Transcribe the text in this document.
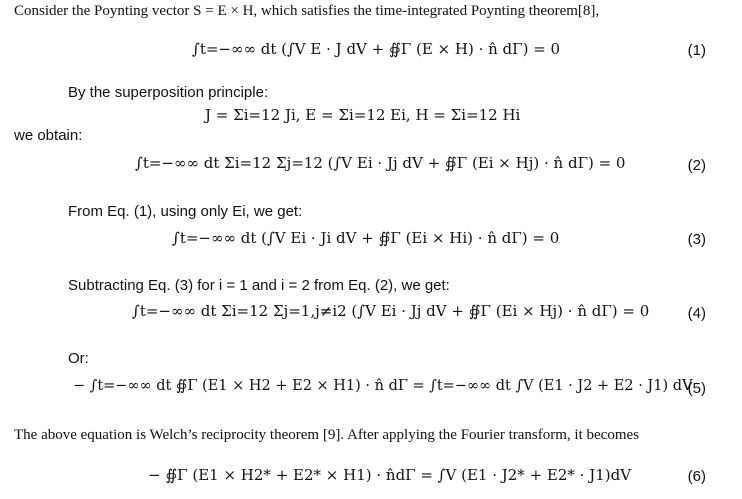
Consider the Poynting vector S = E × H, which satisfies the time-integrated Poynting theorem[8],
∫t=−∞∞ dt (∫V E · J dV + ∯Γ (E × H) · n̂ dΓ) = 0	(1)
By the superposition principle:
J = Σi=12 Ji, E = Σi=12 Ei, H = Σi=12 Hi
we obtain:
∫t=−∞∞ dt Σi=12 Σj=12 (∫V Ei · Jj dV + ∯Γ (Ei × Hj) · n̂ dΓ) = 0	(2)
From Eq. (1), using only Ei, we get:
∫t=−∞∞ dt (∫V Ei · Ji dV + ∯Γ (Ei × Hi) · n̂ dΓ) = 0	(3)
Subtracting Eq. (3) for i = 1 and i = 2 from Eq. (2), we get:
∫t=−∞∞ dt Σi=12 Σj=1,j≠i2 (∫V Ei · Jj dV + ∯Γ (Ei × Hj) · n̂ dΓ) = 0	(4)
Or:
− ∫t=−∞∞ dt ∯Γ (E1 × H2 + E2 × H1) · n̂ dΓ = ∫t=−∞∞ dt ∫V (E1 · J2 + E2 · J1) dV
(5)
The above equation is Welch’s reciprocity theorem [9]. After applying the Fourier transform, it becomes
− ∯Γ (E1 × H2* + E2* × H1) · n̂dΓ = ∫V (E1 · J2* + E2* · J1)dV	(6)
